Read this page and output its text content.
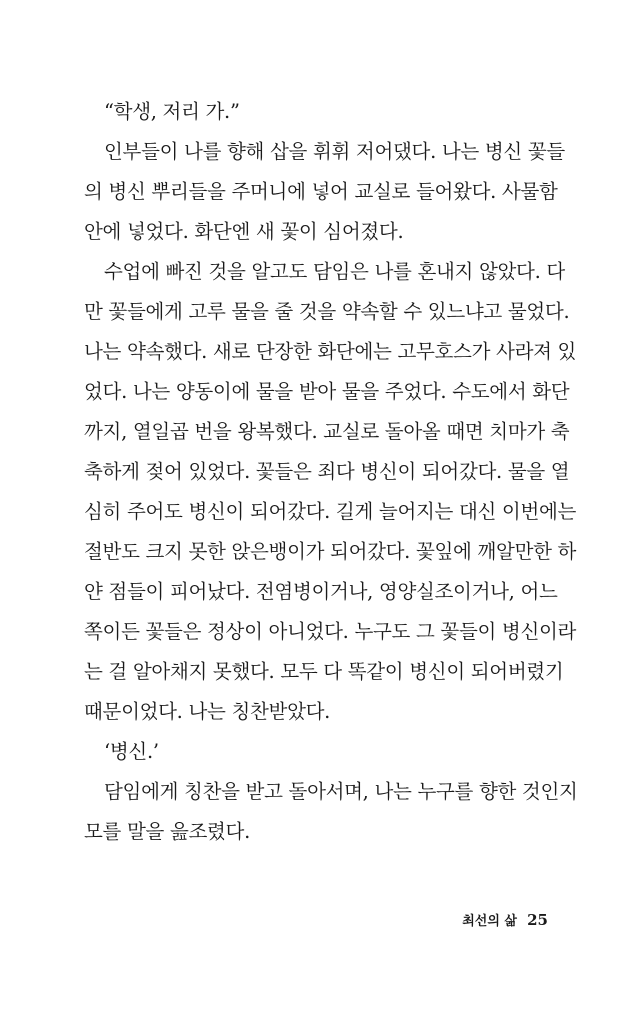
“학생, 저리 가.”
인부들이 나를 향해 삽을 휘휘 저어댔다. 나는 병신 꽃들
의 병신 뿌리들을 주머니에 넣어 교실로 들어왔다. 사물함
안에 넣었다. 화단엔 새 꽃이 심어졌다.
수업에 빠진 것을 알고도 담임은 나를 혼내지 않았다. 다
만 꽃들에게 고루 물을 줄 것을 약속할 수 있느냐고 물었다.
나는 약속했다. 새로 단장한 화단에는 고무호스가 사라져 있
었다. 나는 양동이에 물을 받아 물을 주었다. 수도에서 화단
까지, 열일곱 번을 왕복했다. 교실로 돌아올 때면 치마가 축
축하게 젖어 있었다. 꽃들은 죄다 병신이 되어갔다. 물을 열
심히 주어도 병신이 되어갔다. 길게 늘어지는 대신 이번에는
절반도 크지 못한 앉은뱅이가 되어갔다. 꽃잎에 깨알만한 하
얀 점들이 피어났다. 전염병이거나, 영양실조이거나, 어느
쪽이든 꽃들은 정상이 아니었다. 누구도 그 꽃들이 병신이라
는 걸 알아채지 못했다. 모두 다 똑같이 병신이 되어버렸기
때문이었다. 나는 칭찬받았다.
‘병신.’
담임에게 칭찬을 받고 돌아서며, 나는 누구를 향한 것인지
모를 말을 읊조렸다.
최선의 삶 25
